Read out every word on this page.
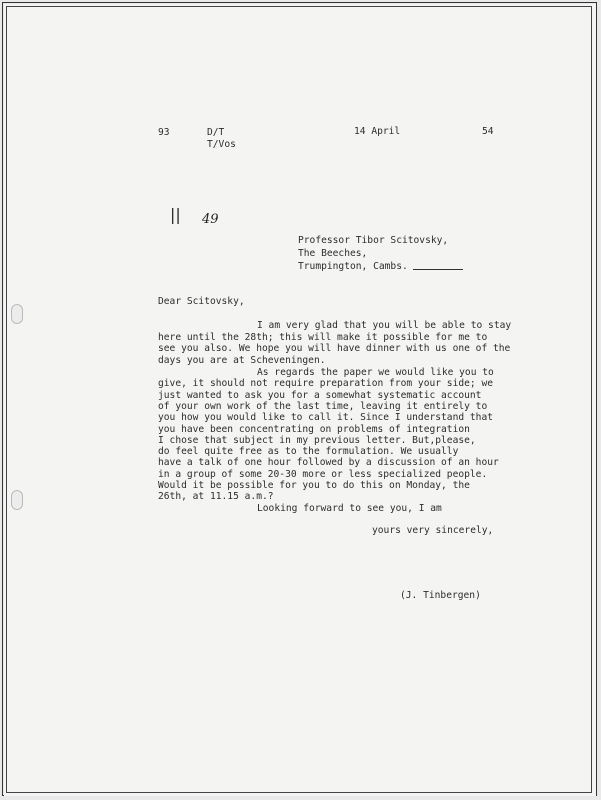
93	D/T
T/Vos
14 April	54
|| 49
Professor Tibor Scitovsky,
The Beeches,
Trumpington, Cambs.
Dear Scitovsky,
I am very glad that you will be able to stay
here until the 28th; this will make it possible for me to
see you also. We hope you will have dinner with us one of the
days you are at Scheveningen.
As regards the paper we would like you to
give, it should not require preparation from your side; we
just wanted to ask you for a somewhat systematic account
of your own work of the last time, leaving it entirely to
you how you would like to call it. Since I understand that
you have been concentrating on problems of integration
I chose that subject in my previous letter. But,please,
do feel quite free as to the formulation. We usually
have a talk of one hour followed by a discussion of an hour
in a group of some 20-30 more or less specialized people.
Would it be possible for you to do this on Monday, the
26th, at 11.15 a.m.?
Looking forward to see you, I am
yours very sincerely,
(J. Tinbergen)
